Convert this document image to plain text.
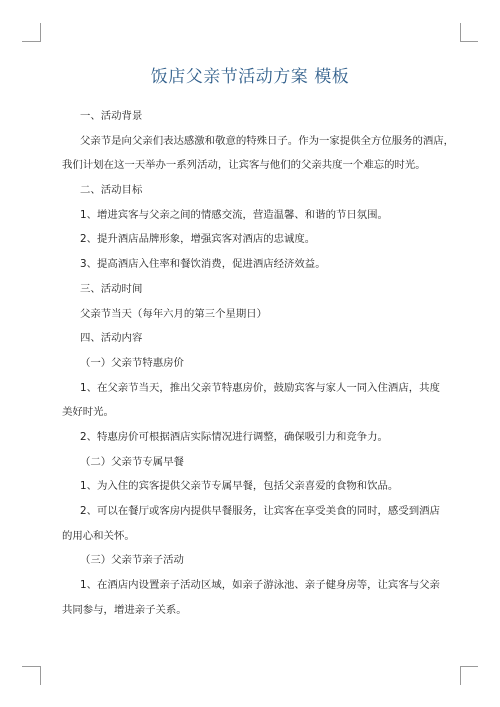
饭店父亲节活动方案 模板
一、活动背景
父亲节是向父亲们表达感激和敬意的特殊日子。作为一家提供全方位服务的酒店，
我们计划在这一天举办一系列活动，让宾客与他们的父亲共度一个难忘的时光。
二、活动目标
1、增进宾客与父亲之间的情感交流，营造温馨、和谐的节日氛围。
2、提升酒店品牌形象，增强宾客对酒店的忠诚度。
3、提高酒店入住率和餐饮消费，促进酒店经济效益。
三、活动时间
父亲节当天（每年六月的第三个星期日）
四、活动内容
（一）父亲节特惠房价
1、在父亲节当天，推出父亲节特惠房价，鼓励宾客与家人一同入住酒店，共度
美好时光。
2、特惠房价可根据酒店实际情况进行调整，确保吸引力和竞争力。
（二）父亲节专属早餐
1、为入住的宾客提供父亲节专属早餐，包括父亲喜爱的食物和饮品。
2、可以在餐厅或客房内提供早餐服务，让宾客在享受美食的同时，感受到酒店
的用心和关怀。
（三）父亲节亲子活动
1、在酒店内设置亲子活动区域，如亲子游泳池、亲子健身房等，让宾客与父亲
共同参与，增进亲子关系。
